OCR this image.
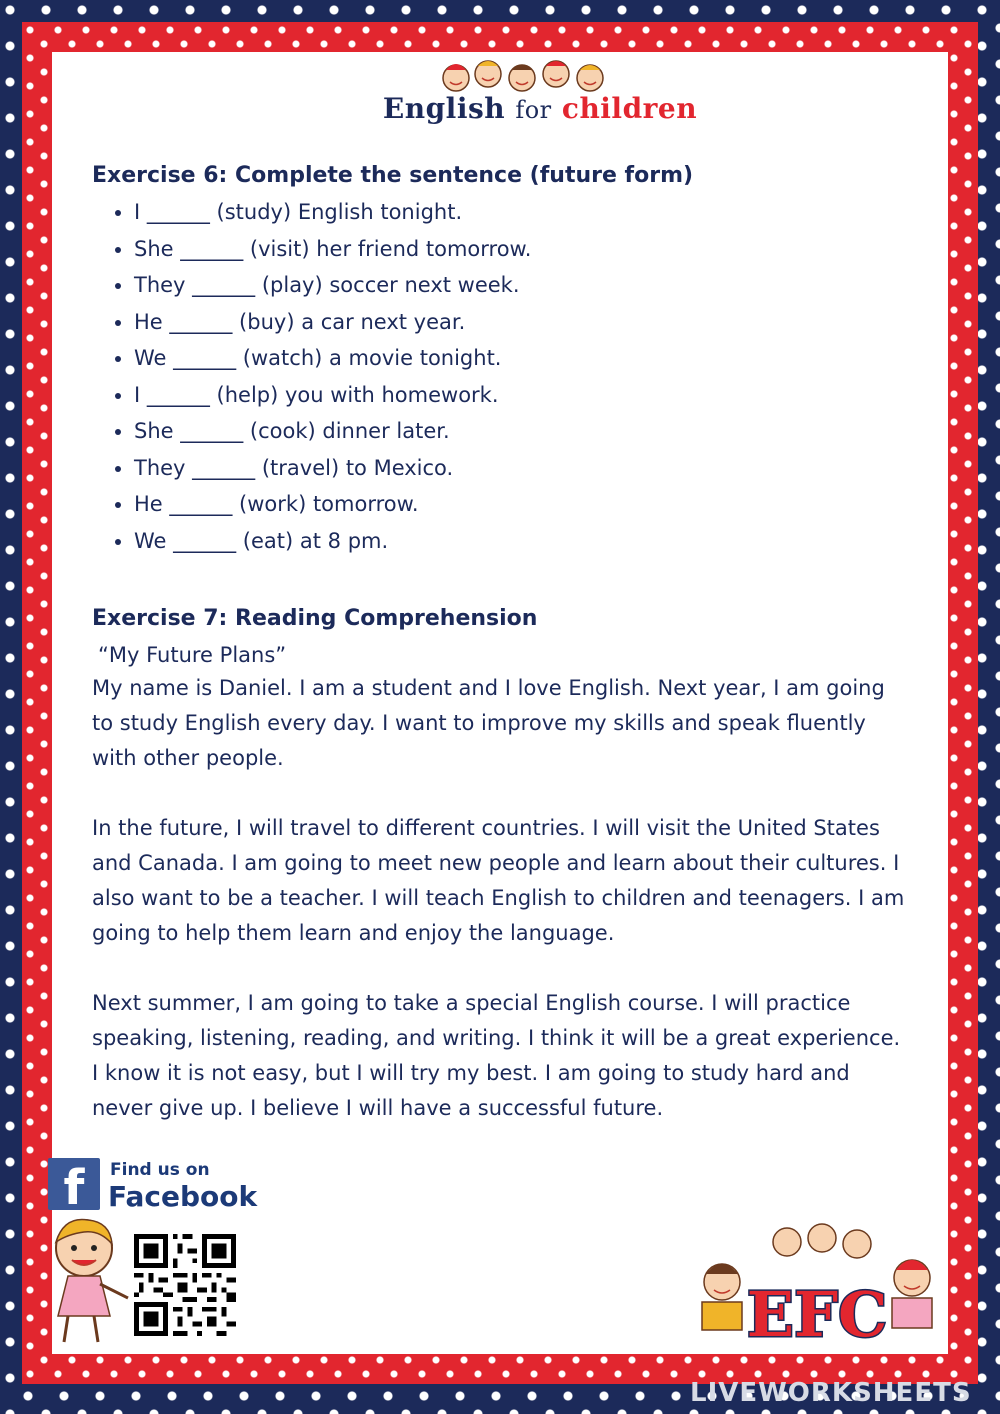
English for children
Exercise 6: Complete the sentence (future form)
• I ______ (study) English tonight.
• She ______ (visit) her friend tomorrow.
• They ______ (play) soccer next week.
• He ______ (buy) a car next year.
• We ______ (watch) a movie tonight.
• I ______ (help) you with homework.
• She ______ (cook) dinner later.
• They ______ (travel) to Mexico.
• He ______ (work) tomorrow.
• We ______ (eat) at 8 pm.
Exercise 7: Reading Comprehension
“My Future Plans”

My name is Daniel. I am a student and I love English. Next year, I am going to study English every day. I want to improve my skills and speak fluently with other people.

In the future, I will travel to different countries. I will visit the United States and Canada. I am going to meet new people and learn about their cultures. I also want to be a teacher. I will teach English to children and teenagers. I am going to help them learn and enjoy the language.

Next summer, I am going to take a special English course. I will practice speaking, listening, reading, and writing. I think it will be a great experience. I know it is not easy, but I will try my best. I am going to study hard and never give up. I believe I will have a successful future.

f	Find us on
Facebook
EFC
LIVEWORKSHEETS
